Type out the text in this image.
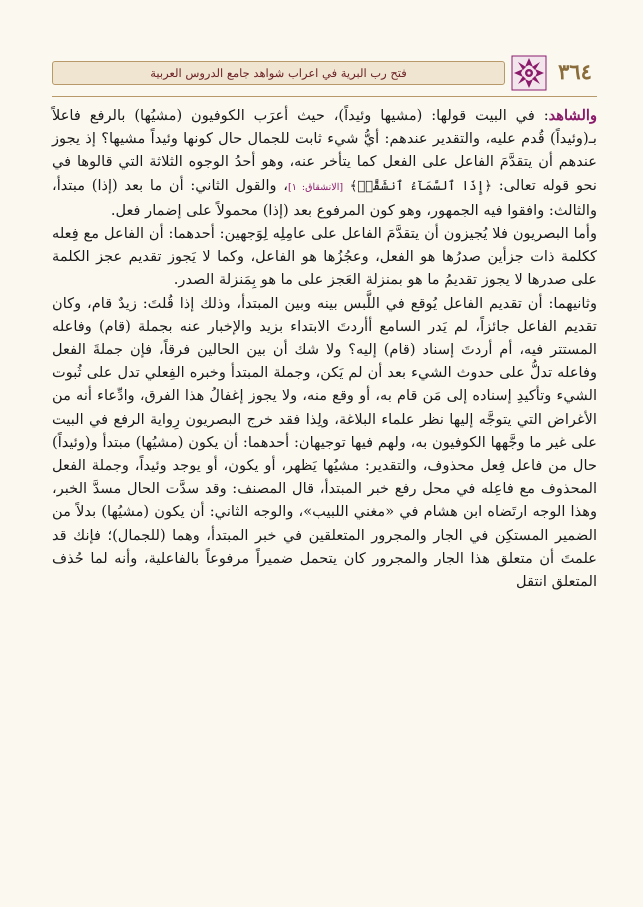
٣٦٤
فتح رب البرية في اعراب شواهد جامع الدروس العربية

والشاهد: في البيت قولها: (مشيها وئيداً)، حيث أعرَب الكوفيون (مشيُها) بالرفع فاعلاً بـ(وئيداً) قُدم عليه، والتقدير عندهم: أيُّ شيء ثابت للجمال حال كونها وئيداً مشيها؟ إذ يجوز عندهم أن يتقدَّمَ الفاعل على الفعل كما يتأخر عنه، وهو أحدُ الوجوه الثلاثة التي قالوها في نحو قوله تعالى: ﴿إِذَا ٱلسَّمَآءُ ٱنشَقَّتۡ﴾ [الانشقاق: ١]، والقول الثاني: أن ما بعد (إذا) مبتدأ، والثالث: وافقوا فيه الجمهور، وهو كون المرفوع بعد (إذا) محمولاً على إضمار فعل.

وأما البصريون فلا يُجيزون أن يتقدَّمَ الفاعل على عامِلِه لِوَجهين: أحدهما: أن الفاعل مع فِعله ككلمة ذات جزأين صدرُها هو الفعل، وعجُزُها هو الفاعل، وكما لا يَجوز تقديم عجز الكلمة على صدرها لا يجوز تقديمُ ما هو بمنزلة العَجز على ما هو بِمَنزلة الصدر.

وثانيهما: أن تقديم الفاعل يُوقع في اللَّبس بينه وبين المبتدأ، وذلك إذا قُلتَ: زيدٌ قام، وكان تقديم الفاعل جائزاً، لم يَدر السامع أأردتَ الابتداء بزيد والإخبار عنه بجملة (قام) وفاعله المستتر فيه، أم أردتَ إسناد (قام) إليه؟ ولا شك أن بين الحالين فرقاً، فإن جملةَ الفعل وفاعله تدلُّ على حدوث الشيء بعد أن لم يَكن، وجملة المبتدأ وخبره الفِعلي تدل على ثُبوت الشيء وتأكيدِ إسناده إلى مَن قام به، أو وقع منه، ولا يجوز إغفالُ هذا الفرق، وادِّعاء أنه من الأغراض التي يتوجَّه إليها نظر علماء البلاغة، ولِذا فقد خرج البصريون رِواية الرفع في البيت على غير ما وجَّهها الكوفيون به، ولهم فيها توجيهان: أحدهما: أن يكون (مشيُها) مبتدأ و(وئيداً) حال من فاعل فِعل محذوف، والتقدير: مشيُها يَظهر، أو يكون، أو يوجد وئيداً، وجملة الفعل المحذوف مع فاعِله في محل رفع خبر المبتدأ، قال المصنف: وقد سدَّت الحال مسدَّ الخبر، وهذا الوجه ارتَضاه ابن هشام في «مغني اللبيب»، والوجه الثاني: أن يكون (مشيُها) بدلاً من الضمير المستكِن في الجار والمجرور المتعلقين في خبر المبتدأ، وهما (للجمال)؛ فإنك قد علمتَ أن متعلق هذا الجار والمجرور كان يتحمل ضميراً مرفوعاً بالفاعلية، وأنه لما حُذف المتعلق انتقل
